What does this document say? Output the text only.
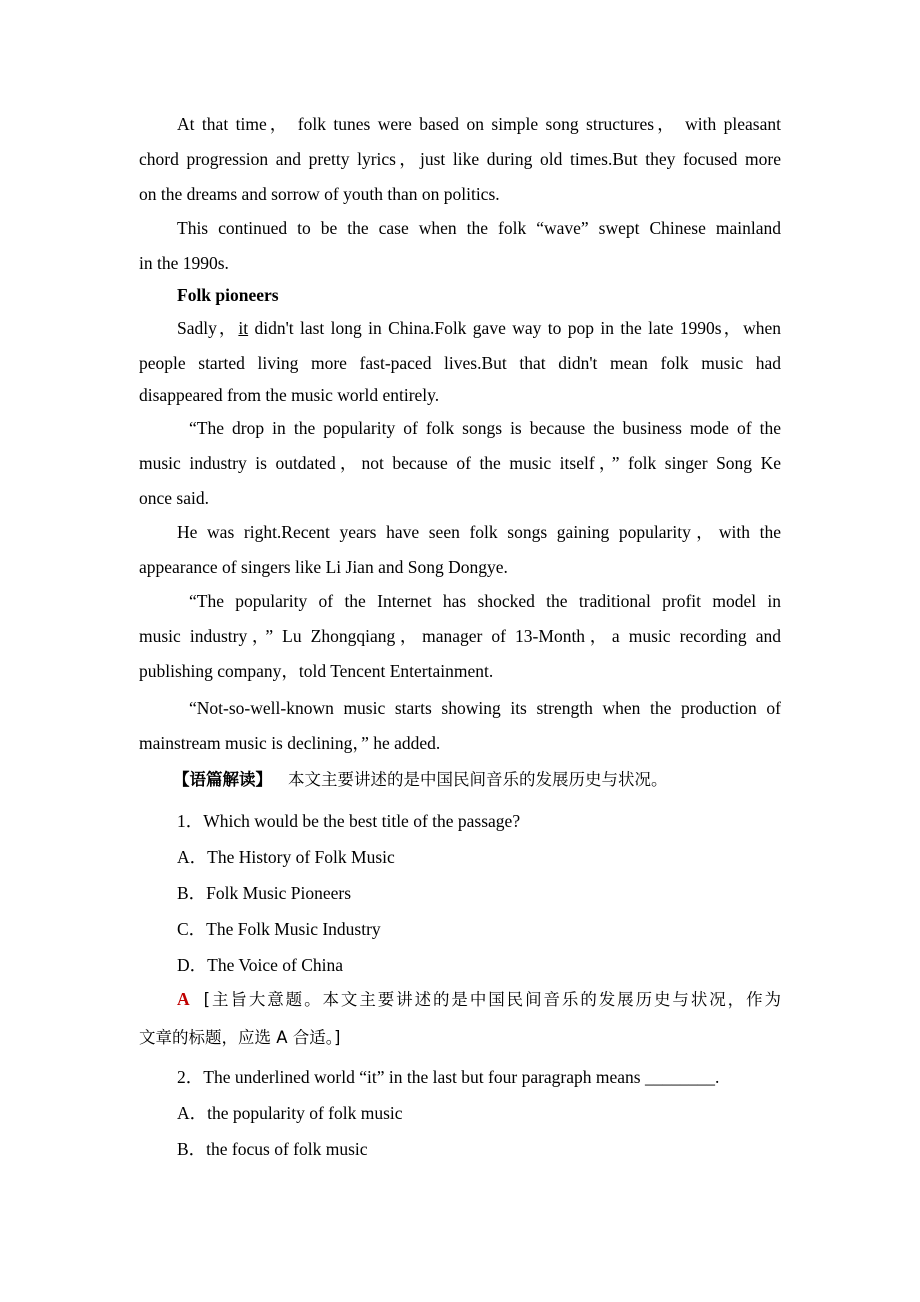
At that time， folk tunes were based on simple song structures， with pleasant
chord progression and pretty lyrics，just like during old times.But they focused more
on the dreams and sorrow of youth than on politics.
This continued to be the case when the folk “wave” swept Chinese mainland
in the 1990s.
Folk pioneers
Sadly，it didn't last long in China.Folk gave way to pop in the late 1990s，when
people started living more fast-paced lives.But that didn't mean folk music had
disappeared from the music world entirely.
“The drop in the popularity of folk songs is because the business mode of the
music industry is outdated，not because of the music itself，” folk singer Song Ke
once said.
He was right.Recent years have seen folk songs gaining popularity，with the
appearance of singers like Li Jian and Song Dongye.
“The popularity of the Internet has shocked the traditional profit model in
music industry，” Lu Zhongqiang，manager of 13-Month，a music recording and
publishing company，told Tencent Entertainment.
“Not-so-well-known music starts showing its strength when the production of
mainstream music is declining，” he added.
【语篇解读】 本文主要讲述的是中国民间音乐的发展历史与状况。
1．Which would be the best title of the passage?
A．The History of Folk Music
B．Folk Music Pioneers
C．The Folk Music Industry
D．The Voice of China
A [主旨大意题。本文主要讲述的是中国民间音乐的发展历史与状况，作为
文章的标题，应选 A 合适。]
2．The underlined world “it” in the last but four paragraph means ________.
A．the popularity of folk music
B．the focus of folk music
